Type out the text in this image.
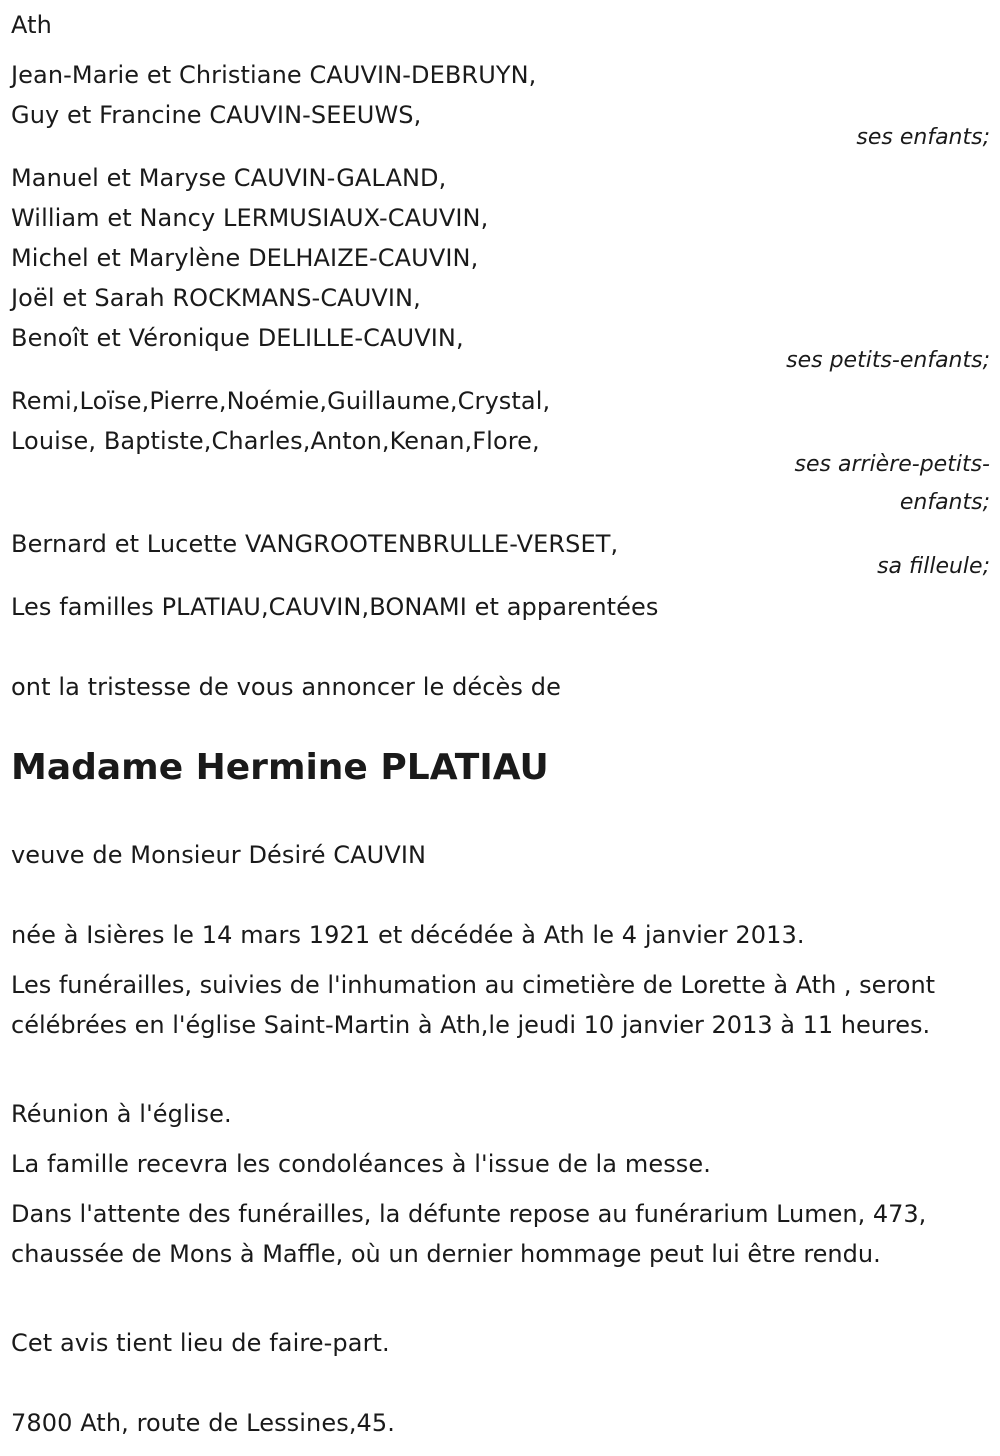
Ath
Jean-Marie et Christiane CAUVIN-DEBRUYN,
Guy et Francine CAUVIN-SEEUWS,
ses enfants;
Manuel et Maryse CAUVIN-GALAND,
William et Nancy LERMUSIAUX-CAUVIN,
Michel et Marylène DELHAIZE-CAUVIN,
Joël et Sarah ROCKMANS-CAUVIN,
Benoît et Véronique DELILLE-CAUVIN,
ses petits-enfants;
Remi,Loïse,Pierre,Noémie,Guillaume,Crystal,
Louise, Baptiste,Charles,Anton,Kenan,Flore,
ses arrière-petits-enfants;
Bernard et Lucette VANGROOTENBRULLE-VERSET,
sa filleule;
Les familles PLATIAU,CAUVIN,BONAMI et apparentées
ont la tristesse de vous annoncer le décès de
Madame Hermine PLATIAU
veuve de Monsieur Désiré CAUVIN
née à Isières le 14 mars 1921 et décédée à Ath le 4 janvier 2013.
Les funérailles, suivies de l'inhumation au cimetière de Lorette à Ath , seront célébrées en l'église Saint-Martin à Ath,le jeudi 10 janvier 2013 à 11 heures.
Réunion à l'église.
La famille recevra les condoléances à l'issue de la messe.
Dans l'attente des funérailles, la défunte repose au funérarium Lumen, 473, chaussée de Mons à Maffle, où un dernier hommage peut lui être rendu.
Cet avis tient lieu de faire-part.
7800 Ath, route de Lessines,45.
